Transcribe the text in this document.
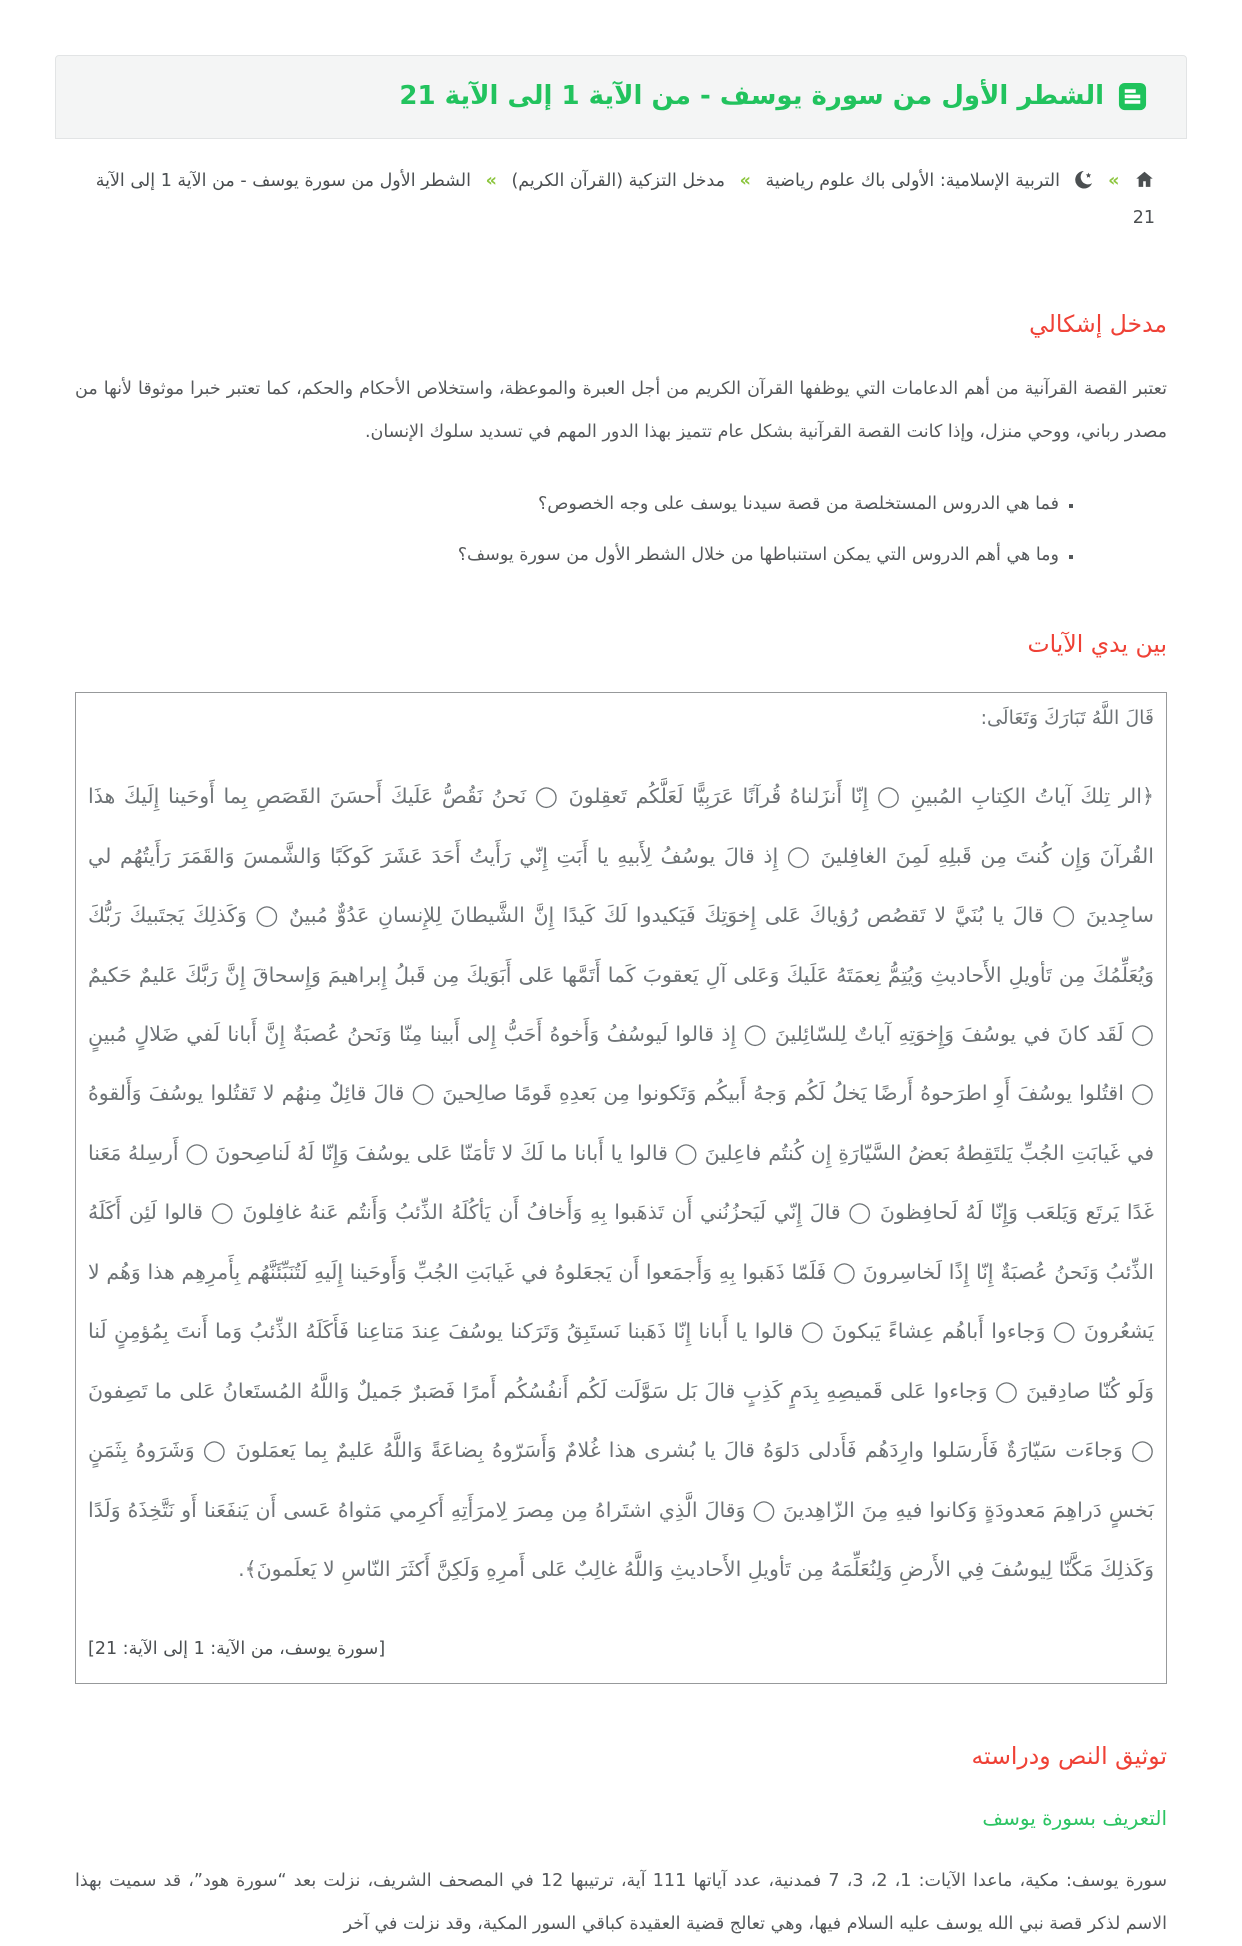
الشطر الأول من سورة يوسف - من الآية 1 إلى الآية 21
»
التربية الإسلامية: الأولى باك علوم رياضية » مدخل التزكية (القرآن الكريم) » الشطر الأول من سورة يوسف - من الآية 1 إلى الآية 21
مدخل إشكالي

تعتبر القصة القرآنية من أهم الدعامات التي يوظفها القرآن الكريم من أجل العبرة والموعظة، واستخلاص الأحكام والحكم، كما تعتبر خبرا موثوقا لأنها من مصدر رباني، ووحي منزل، وإذا كانت القصة القرآنية بشكل عام تتميز بهذا الدور المهم في تسديد سلوك الإنسان.

▪ فما هي الدروس المستخلصة من قصة سيدنا يوسف على وجه الخصوص؟
▪ وما هي أهم الدروس التي يمكن استنباطها من خلال الشطر الأول من سورة يوسف؟
بين يدي الآيات

قَالَ اللَّهُ تَبَارَكَ وَتَعَالَى:

﴿الر تِلكَ آياتُ الكِتابِ المُبينِ ◯ إِنّا أَنزَلناهُ قُرآنًا عَرَبِيًّا لَعَلَّكُم تَعقِلونَ ◯ نَحنُ نَقُصُّ عَلَيكَ أَحسَنَ القَصَصِ بِما أَوحَينا إِلَيكَ هذَا القُرآنَ وَإِن كُنتَ مِن قَبلِهِ لَمِنَ الغافِلينَ ◯ إِذ قالَ يوسُفُ لِأَبيهِ يا أَبَتِ إِنّي رَأَيتُ أَحَدَ عَشَرَ كَوكَبًا وَالشَّمسَ وَالقَمَرَ رَأَيتُهُم لي ساجِدينَ ◯ قالَ يا بُنَيَّ لا تَقصُص رُؤياكَ عَلى إِخوَتِكَ فَيَكيدوا لَكَ كَيدًا إِنَّ الشَّيطانَ لِلإِنسانِ عَدُوٌّ مُبينٌ ◯ وَكَذلِكَ يَجتَبيكَ رَبُّكَ وَيُعَلِّمُكَ مِن تَأويلِ الأَحاديثِ وَيُتِمُّ نِعمَتَهُ عَلَيكَ وَعَلى آلِ يَعقوبَ كَما أَتَمَّها عَلى أَبَوَيكَ مِن قَبلُ إِبراهيمَ وَإِسحاقَ إِنَّ رَبَّكَ عَليمٌ حَكيمٌ ◯ لَقَد كانَ في يوسُفَ وَإِخوَتِهِ آياتٌ لِلسّائِلينَ ◯ إِذ قالوا لَيوسُفُ وَأَخوهُ أَحَبُّ إِلى أَبينا مِنّا وَنَحنُ عُصبَةٌ إِنَّ أَبانا لَفي ضَلالٍ مُبينٍ ◯ اقتُلوا يوسُفَ أَوِ اطرَحوهُ أَرضًا يَخلُ لَكُم وَجهُ أَبيكُم وَتَكونوا مِن بَعدِهِ قَومًا صالِحينَ ◯ قالَ قائِلٌ مِنهُم لا تَقتُلوا يوسُفَ وَأَلقوهُ في غَيابَتِ الجُبِّ يَلتَقِطهُ بَعضُ السَّيّارَةِ إِن كُنتُم فاعِلينَ ◯ قالوا يا أَبانا ما لَكَ لا تَأمَنّا عَلى يوسُفَ وَإِنّا لَهُ لَناصِحونَ ◯ أَرسِلهُ مَعَنا غَدًا يَرتَع وَيَلعَب وَإِنّا لَهُ لَحافِظونَ ◯ قالَ إِنّي لَيَحزُنُني أَن تَذهَبوا بِهِ وَأَخافُ أَن يَأكُلَهُ الذِّئبُ وَأَنتُم عَنهُ غافِلونَ ◯ قالوا لَئِن أَكَلَهُ الذِّئبُ وَنَحنُ عُصبَةٌ إِنّا إِذًا لَخاسِرونَ ◯ فَلَمّا ذَهَبوا بِهِ وَأَجمَعوا أَن يَجعَلوهُ في غَيابَتِ الجُبِّ وَأَوحَينا إِلَيهِ لَتُنَبِّئَنَّهُم بِأَمرِهِم هذا وَهُم لا يَشعُرونَ ◯ وَجاءوا أَباهُم عِشاءً يَبكونَ ◯ قالوا يا أَبانا إِنّا ذَهَبنا نَستَبِقُ وَتَرَكنا يوسُفَ عِندَ مَتاعِنا فَأَكَلَهُ الذِّئبُ وَما أَنتَ بِمُؤمِنٍ لَنا وَلَو كُنّا صادِقينَ ◯ وَجاءوا عَلى قَميصِهِ بِدَمٍ كَذِبٍ قالَ بَل سَوَّلَت لَكُم أَنفُسُكُم أَمرًا فَصَبرٌ جَميلٌ وَاللَّهُ المُستَعانُ عَلى ما تَصِفونَ ◯ وَجاءَت سَيّارَةٌ فَأَرسَلوا وارِدَهُم فَأَدلى دَلوَهُ قالَ يا بُشرى هذا غُلامٌ وَأَسَرّوهُ بِضاعَةً وَاللَّهُ عَليمٌ بِما يَعمَلونَ ◯ وَشَرَوهُ بِثَمَنٍ بَخسٍ دَراهِمَ مَعدودَةٍ وَكانوا فيهِ مِنَ الزّاهِدينَ ◯ وَقالَ الَّذِي اشتَراهُ مِن مِصرَ لِامرَأَتِهِ أَكرِمي مَثواهُ عَسى أَن يَنفَعَنا أَو نَتَّخِذَهُ وَلَدًا وَكَذلِكَ مَكَّنّا لِيوسُفَ فِي الأَرضِ وَلِنُعَلِّمَهُ مِن تَأويلِ الأَحاديثِ وَاللَّهُ غالِبٌ عَلى أَمرِهِ وَلَكِنَّ أَكثَرَ النّاسِ لا يَعلَمونَ﴾.

[سورة يوسف، من الآية: 1 إلى الآية: 21]

توثيق النص ودراسته
التعريف بسورة يوسف

سورة يوسف: مكية، ماعدا الآيات: 1، 2، 3، 7 فمدنية، عدد آياتها 111 آية، ترتيبها 12 في المصحف الشريف، نزلت بعد “سورة هود”، قد سميت بهذا الاسم لذكر قصة نبي الله يوسف عليه السلام فيها، وهي تعالج قضية العقيدة كباقي السور المكية، وقد نزلت في آخر
